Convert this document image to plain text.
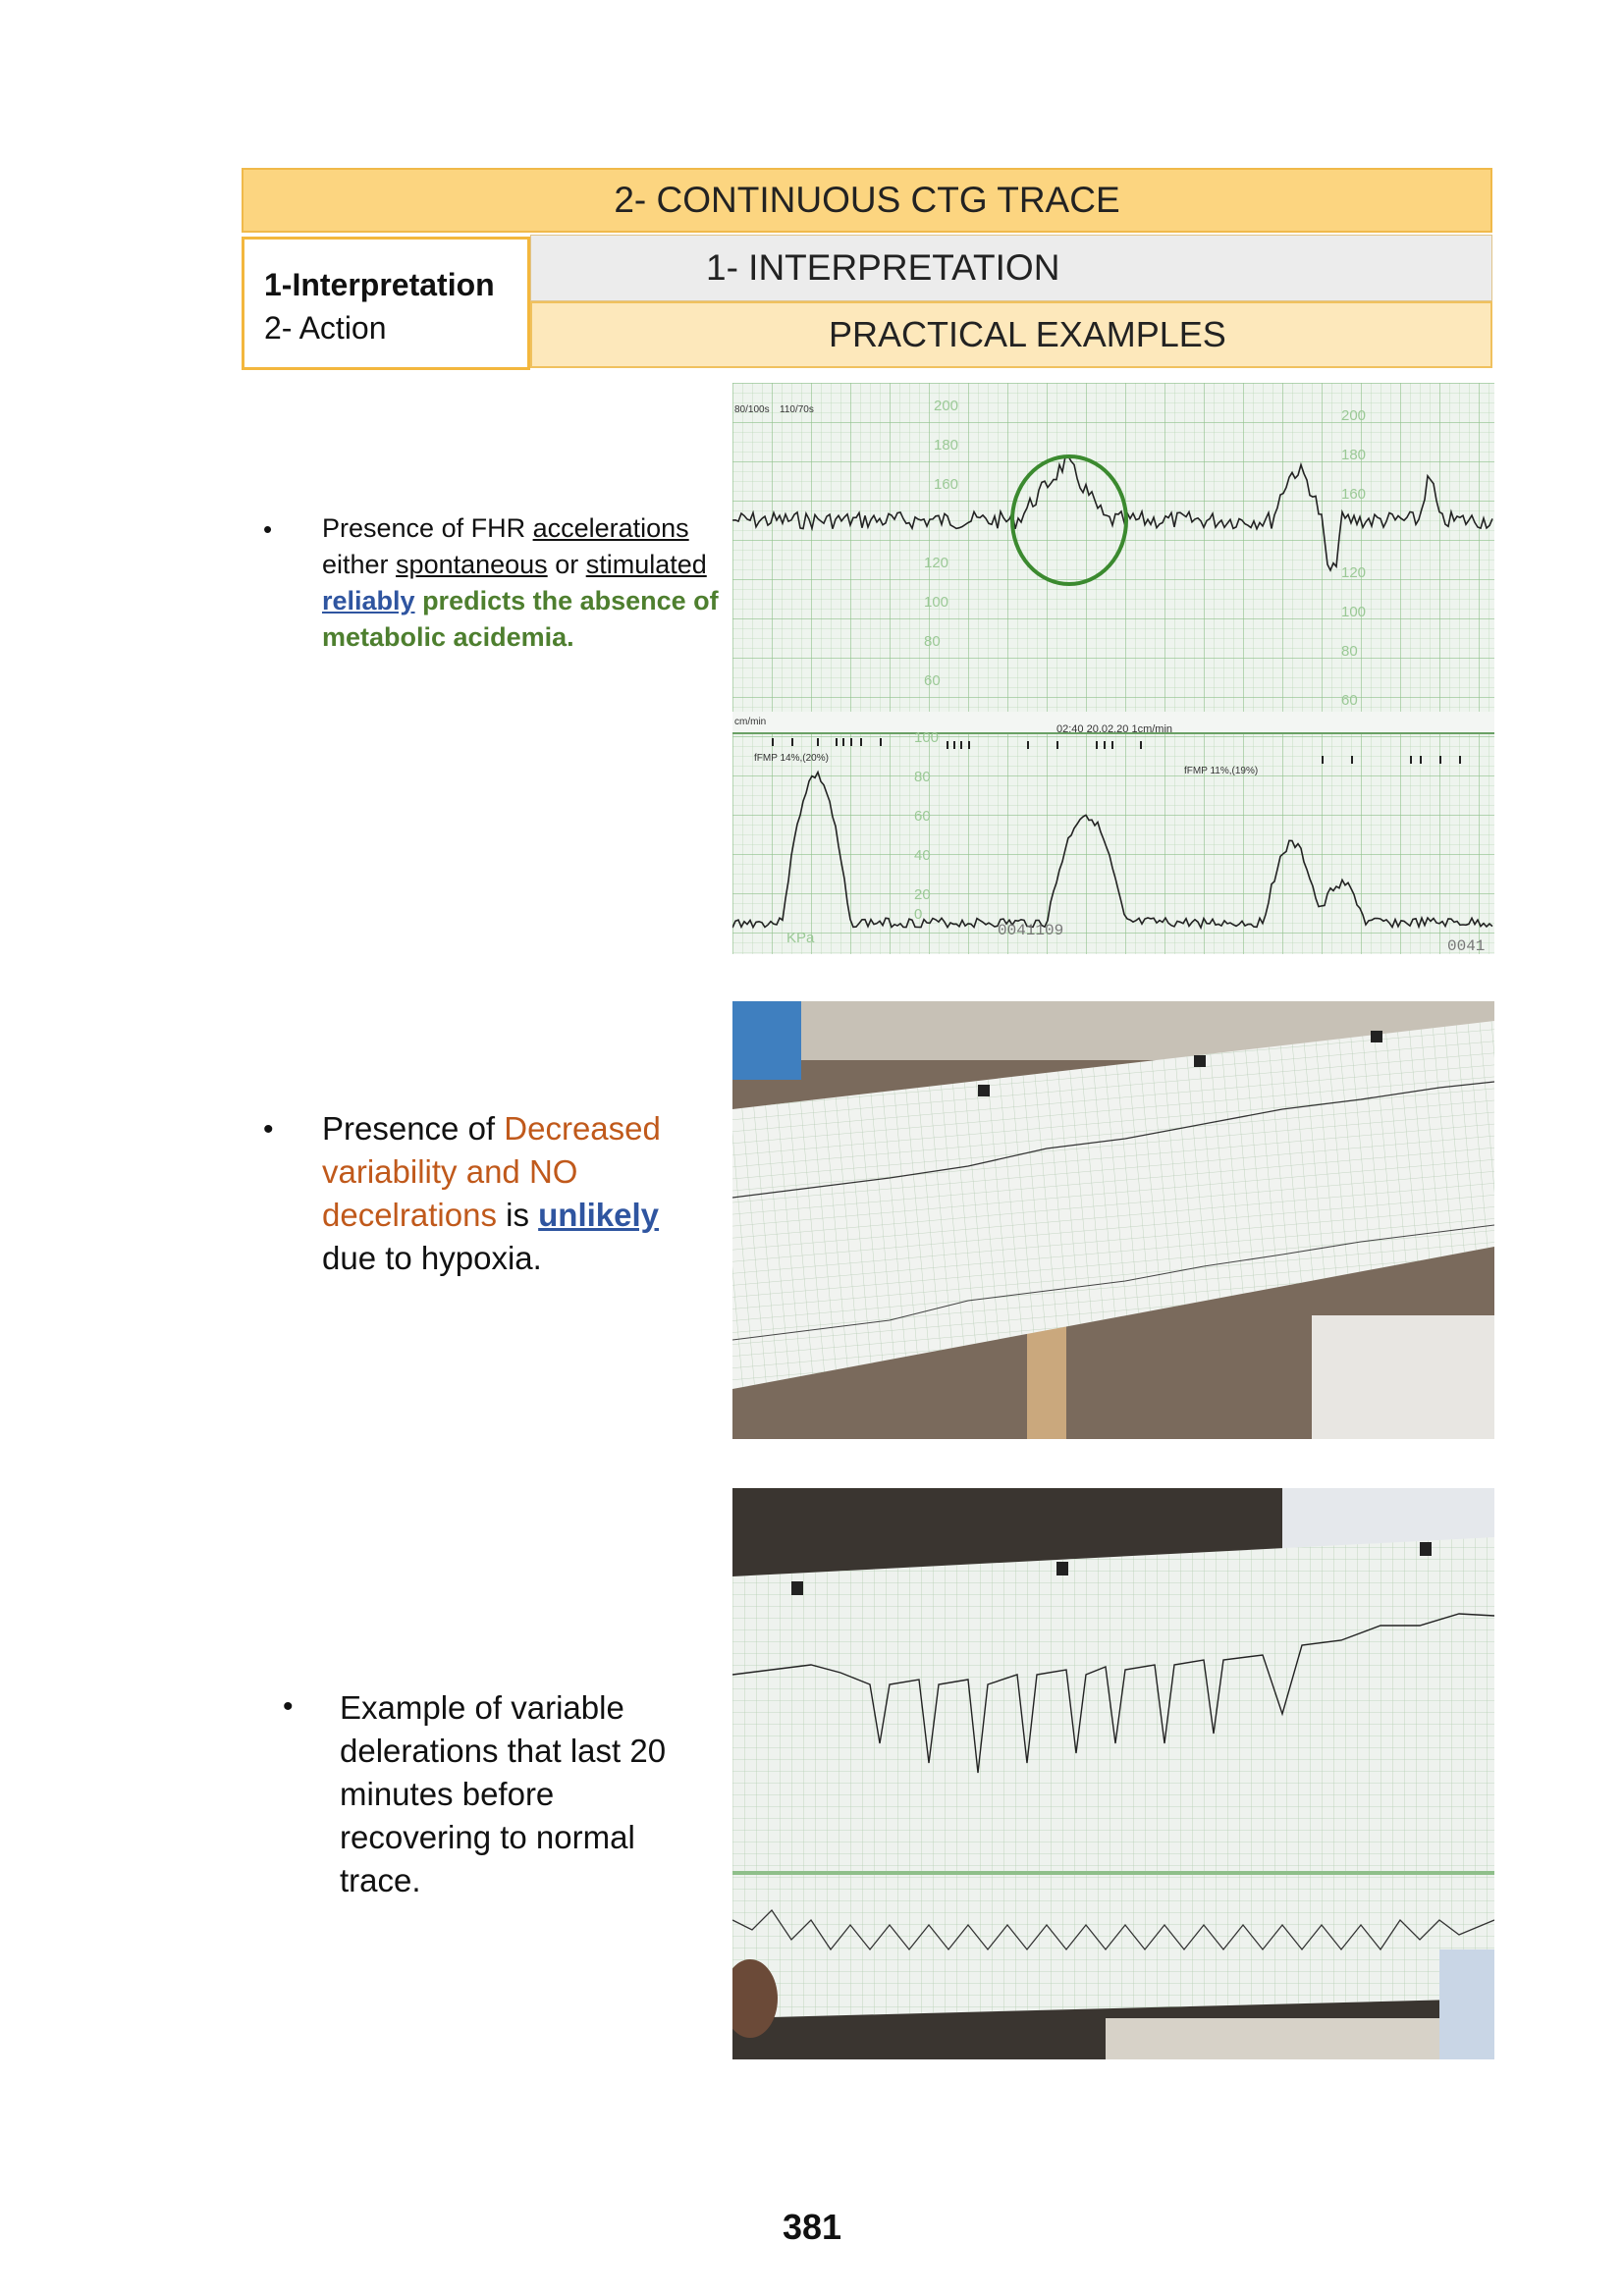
2- CONTINUOUS CTG TRACE
1-Interpretation
2- Action
1- INTERPRETATION
PRACTICAL EXAMPLES
• Presence of FHR accelerations
either spontaneous or stimulated
reliably predicts the absence of metabolic acidemia.
• Presence of Decreased variability and NO decelrations is unlikely due to hypoxia.
• Example of variable delerations that last 20 minutes before recovering to normal trace.
80/100s 110/70s	200
180
160
120
100
80
60
200
180
160
120
100
80
60
100
80
60
40
20
0
KPa
cm/min
02:40 20.02.20 1cm/min
fFMP 14%,(20%)
fFMP 11%,(19%)
0041109
0041
381
